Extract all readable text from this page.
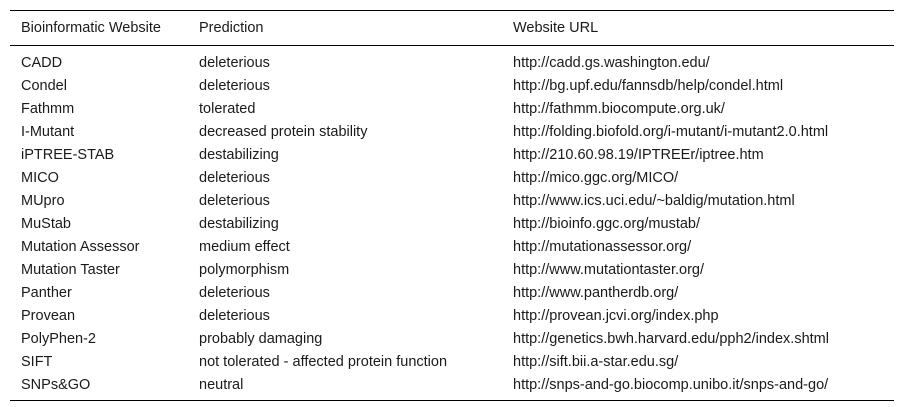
Bioinformatic Website	Prediction	Website URL
CADD	deleterious	http://cadd.gs.washington.edu/
Condel	deleterious	http://bg.upf.edu/fannsdb/help/condel.html
Fathmm	tolerated	http://fathmm.biocompute.org.uk/
I-Mutant	decreased protein stability	http://folding.biofold.org/i-mutant/i-mutant2.0.html
iPTREE-STAB	destabilizing	http://210.60.98.19/IPTREEr/iptree.htm
MICO	deleterious	http://mico.ggc.org/MICO/
MUpro	deleterious	http://www.ics.uci.edu/~baldig/mutation.html
MuStab	destabilizing	http://bioinfo.ggc.org/mustab/
Mutation Assessor	medium effect	http://mutationassessor.org/
Mutation Taster	polymorphism	http://www.mutationtaster.org/
Panther	deleterious	http://www.pantherdb.org/
Provean	deleterious	http://provean.jcvi.org/index.php
PolyPhen-2	probably damaging	http://genetics.bwh.harvard.edu/pph2/index.shtml
SIFT	not tolerated - affected protein function	http://sift.bii.a-star.edu.sg/
SNPs&GO	neutral	http://snps-and-go.biocomp.unibo.it/snps-and-go/
